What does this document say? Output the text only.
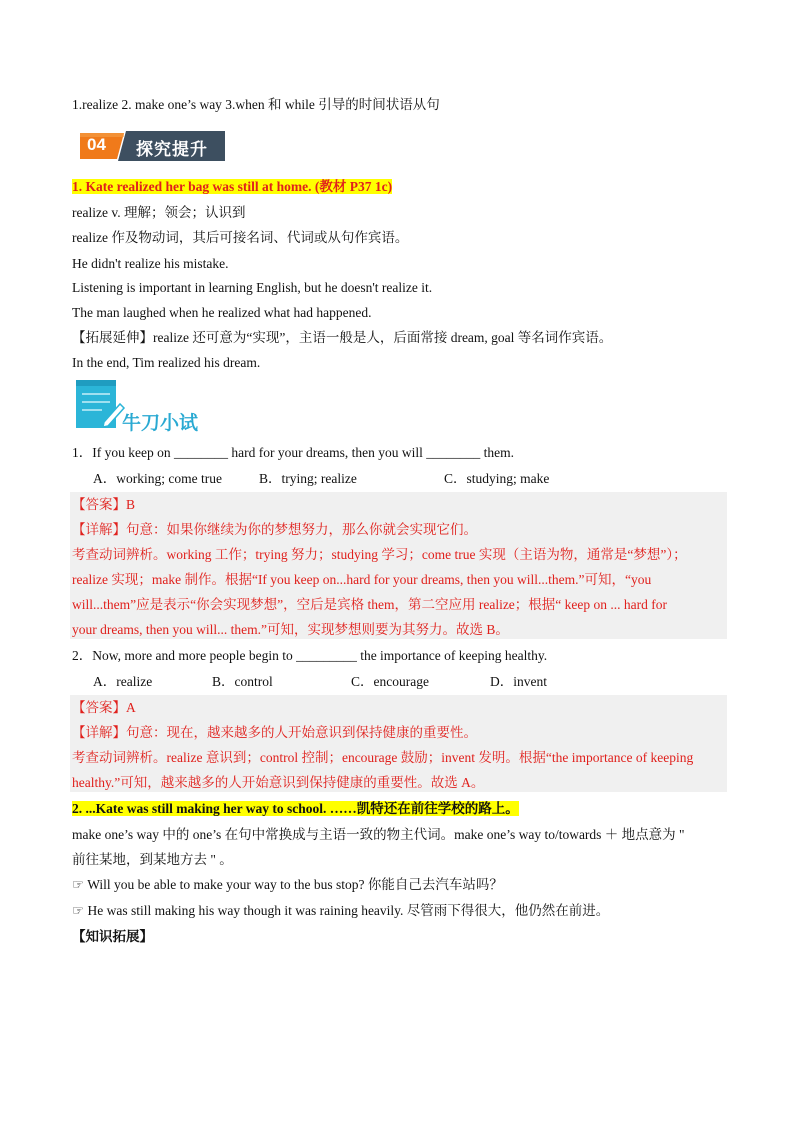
1.realize 2. make one’s way 3.when 和 while 引导的时间状语从句
04 探究提升
1. Kate realized her bag was still at home. (教材 P37 1c)
realize v. 理解；领会；认识到
realize 作及物动词，其后可接名词、代词或从句作宾语。
He didn't realize his mistake.
Listening is important in learning English, but he doesn't realize it.
The man laughed when he realized what had happened.
【拓展延伸】realize 还可意为“实现”，主语一般是人，后面常接 dream, goal 等名词作宾语。
In the end, Tim realized his dream.
牛刀小试
1．If you keep on ________ hard for your dreams, then you will ________ them.
A．working; come true	B．trying; realize	C．studying; make
【答案】B
【详解】句意：如果你继续为你的梦想努力，那么你就会实现它们。
考查动词辨析。working 工作；trying 努力；studying 学习；come true 实现（主语为物，通常是“梦想”）；
realize 实现；make 制作。根据“If you keep on...hard for your dreams, then you will...them.”可知，“you
will...them”应是表示“你会实现梦想”，空后是宾格 them，第二空应用 realize；根据“ keep on ... hard for
your dreams, then you will... them.”可知，实现梦想则要为其努力。故选 B。
2．Now, more and more people begin to _________ the importance of keeping healthy.
A．realize	B．control	C．encourage	D．invent
【答案】A
【详解】句意：现在，越来越多的人开始意识到保持健康的重要性。
考查动词辨析。realize 意识到；control 控制；encourage 鼓励；invent 发明。根据“the importance of keeping
healthy.”可知，越来越多的人开始意识到保持健康的重要性。故选 A。
2. ...Kate was still making her way to school. ……凯特还在前往学校的路上。
make one’s way 中的 one’s 在句中常换成与主语一致的物主代词。make one’s way to/towards ＋ 地点意为 "
前往某地，到某地方去 " 。
☞ Will you be able to make your way to the bus stop? 你能自己去汽车站吗？
☞ He was still making his way though it was raining heavily. 尽管雨下得很大，他仍然在前进。
【知识拓展】
